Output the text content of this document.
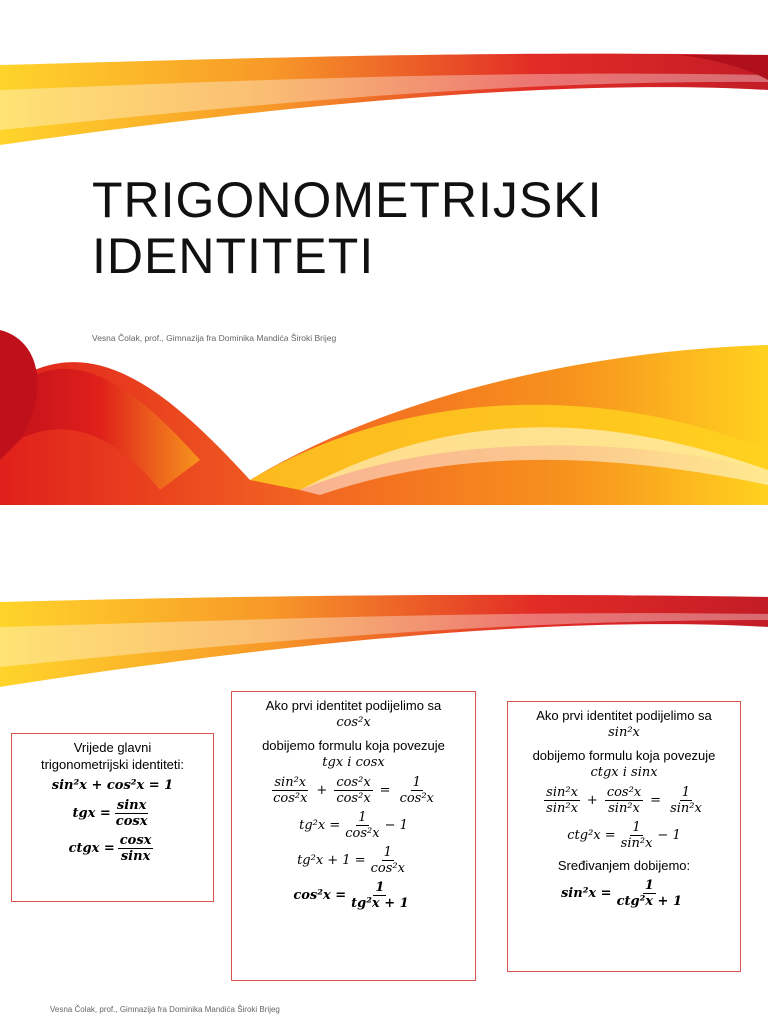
TRIGONOMETRIJSKI
IDENTITETI
Vesna Čolak, prof., Gimnazija fra Dominika Mandića Široki Brijeg

Vrijede glavni

trigonometrijski identiteti:

sin²x + cos²x = 1
tgx = $\frac{\sin x}{\cos x}$
ctgx = $\frac{\cos x}{\sin x}$

Ako prvi identitet podijelimo sa

cos²x

dobijemo formulu koja povezuje

tgx i cosx
$\frac{\text{sin²x}}{\text{cos²x}} + \frac{\text{cos²x}}{\text{cos²x}} = \frac{1}{\text{cos²x}}$
$tg^2x = \frac{1}{\text{cos²x}} - 1$
$tg^2x + 1 = \frac{1}{\text{cos²x}}$
$\cos^2x = \frac{1}{\text{tg²x + 1}}$

Ako prvi identitet podijelimo sa

sin²x

dobijemo formulu koja povezuje

ctgx i sinx
$\frac{\text{sin²x}}{\text{sin²x}} + \frac{\text{cos²x}}{\text{sin²x}} = \frac{1}{\text{sin²x}}$
$ctg^2x = \frac{1}{\text{sin²x}} - 1$

Sređivanjem dobijemo:

$\sin^2x = \frac{1}{\text{ctg²x + 1}}$
Vesna Čolak, prof., Gimnazija fra Dominika Mandića Široki Brijeg
